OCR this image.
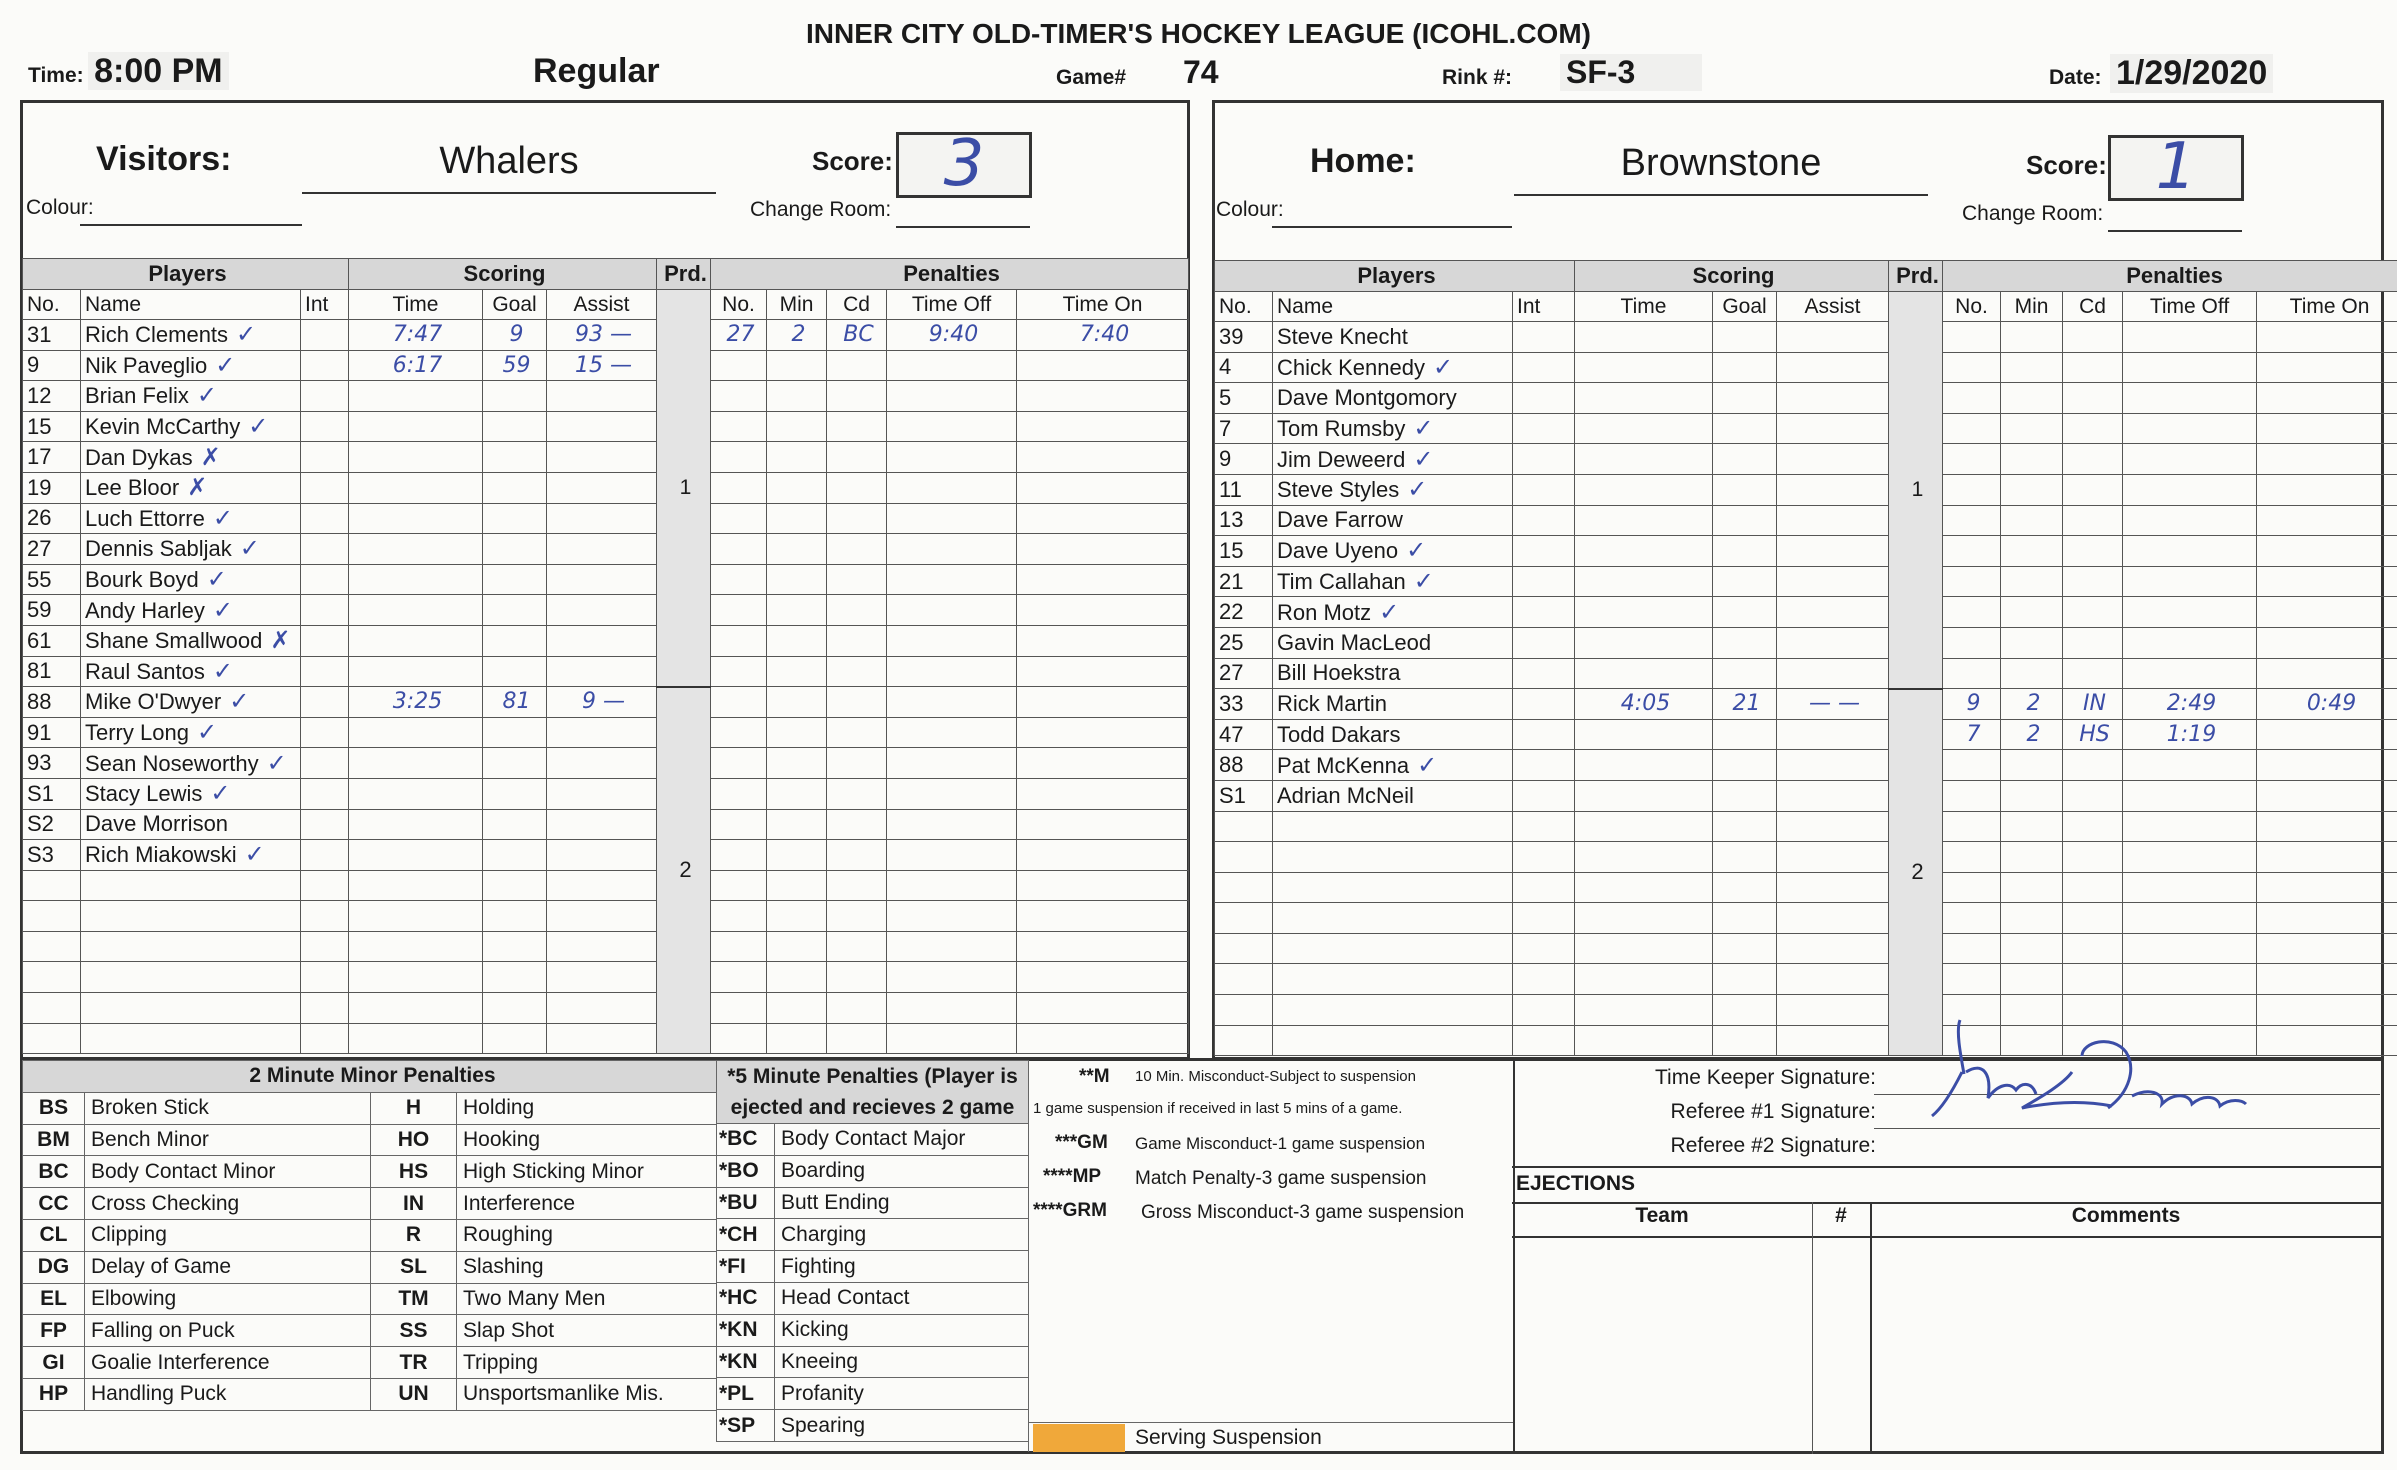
INNER CITY OLD-TIMER'S HOCKEY LEAGUE (ICOHL.COM)
Time: 8:00 PM	Regular	Game# 74	Rink #: SF-3	Date: 1/29/2020
Visitors:	Whalers
Colour:
Score: 3
Change Room:
Players			Scoring			Prd.	Penalties				
No.	Name	Int	Time	Goal	Assist	1	No.	Min	Cd	Time Off	Time On
31	Rich Clements ✓		7:47	9	93 —		27	2	BC	9:40	7:40
9	Nik Paveglio ✓		6:17	59	15 —						
12	Brian Felix ✓										
15	Kevin McCarthy ✓										
17	Dan Dykas ✗										
19	Lee Bloor ✗										
26	Luch Ettorre ✓										
27	Dennis Sabljak ✓										
55	Bourk Boyd ✓										
59	Andy Harley ✓										
61	Shane Smallwood ✗										
81	Raul Santos ✓										
88	Mike O'Dwyer ✓		3:25	81	9 —	2					
91	Terry Long ✓										
93	Sean Noseworthy ✓										
S1	Stacy Lewis ✓										
S2	Dave Morrison										
S3	Rich Miakowski ✓										

Home:	Brownstone
Colour:
Score: 1
Change Room:
Players			Scoring			Prd.	Penalties				
No.	Name	Int	Time	Goal	Assist	1	No.	Min	Cd	Time Off	Time On
39	Steve Knecht										
4	Chick Kennedy ✓										
5	Dave Montgomory										
7	Tom Rumsby ✓										
9	Jim Deweerd ✓										
11	Steve Styles ✓										
13	Dave Farrow										
15	Dave Uyeno ✓										
21	Tim Callahan ✓										
22	Ron Motz ✓										
25	Gavin MacLeod										
27	Bill Hoekstra										
33	Rick Martin		4:05	21	— —	2	9	2	IN	2:49	0:49
47	Todd Dakars						7	2	HS	1:19	
88	Pat McKenna ✓										
S1	Adrian McNeil										

2 Minute Minor Penalties			
BS	Broken Stick	H	Holding
BM	Bench Minor	HO	Hooking
BC	Body Contact Minor	HS	High Sticking Minor
CC	Cross Checking	IN	Interference
CL	Clipping	R	Roughing
DG	Delay of Game	SL	Slashing
EL	Elbowing	TM	Two Many Men
FP	Falling on Puck	SS	Slap Shot
GI	Goalie Interference	TR	Tripping
HP	Handling Puck	UN	Unsportsmanlike Mis.
*5 Minute Penalties (Player is
ejected and recieves 2 game	
*BC	Body Contact Major
*BO	Boarding
*BU	Butt Ending
*CH	Charging
*FI	Fighting
*HC	Head Contact
*KN	Kicking
*KN	Kneeing
*PL	Profanity
*SP	Spearing
**M 10 Min. Misconduct-Subject to suspension
1 game suspension if received in last 5 mins of a game.
***GM Game Misconduct-1 game suspension
****MP Match Penalty-3 game suspension
****GRM Gross Misconduct-3 game suspension
Serving Suspension
Time Keeper Signature:
Referee #1 Signature:
Referee #2 Signature:
EJECTIONS
Team	#	Comments
